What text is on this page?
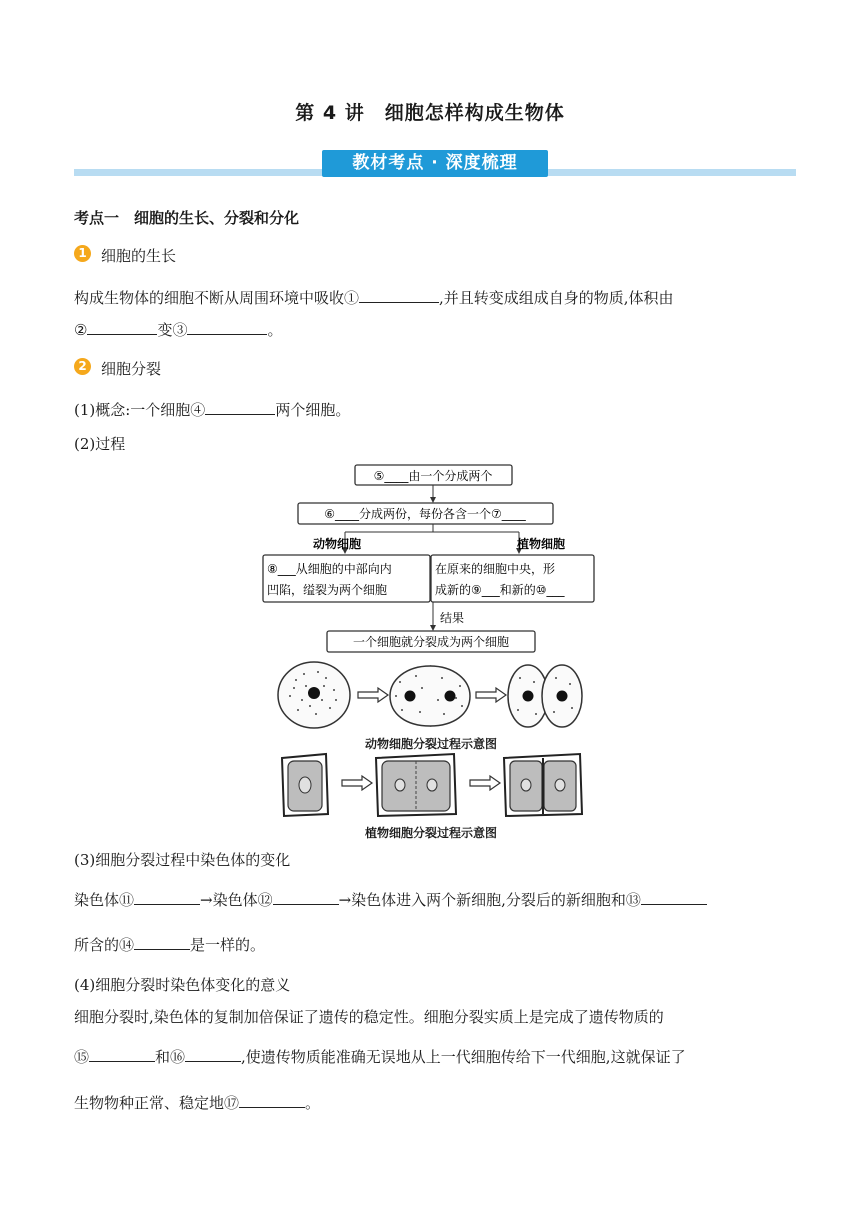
第 4 讲　细胞怎样构成生物体
教材考点 · 深度梳理
考点一　细胞的生长、分裂和分化
1 细胞的生长
构成生物体的细胞不断从周围环境中吸收①	,并且转变成组成自身的物质,体积由
②	变③	。
2 细胞分裂
(1)概念:一个细胞④	两个细胞。
(2)过程
⑤____由一个分成两个
⑥____分成两份，每份各含一个⑦____
动物细胞	植物细胞
⑧___从细胞的中部向内
凹陷，缢裂为两个细胞
在原来的细胞中央，形
成新的⑨___和新的⑩___
结果
一个细胞就分裂成为两个细胞
动物细胞分裂过程示意图
植物细胞分裂过程示意图
(3)细胞分裂过程中染色体的变化
染色体⑪	→染色体⑫	→染色体进入两个新细胞,分裂后的新细胞和⑬
所含的⑭	是一样的。
(4)细胞分裂时染色体变化的意义
细胞分裂时,染色体的复制加倍保证了遗传的稳定性。细胞分裂实质上是完成了遗传物质的
⑮	和⑯	,使遗传物质能准确无误地从上一代细胞传给下一代细胞,这就保证了
生物物种正常、稳定地⑰	。
